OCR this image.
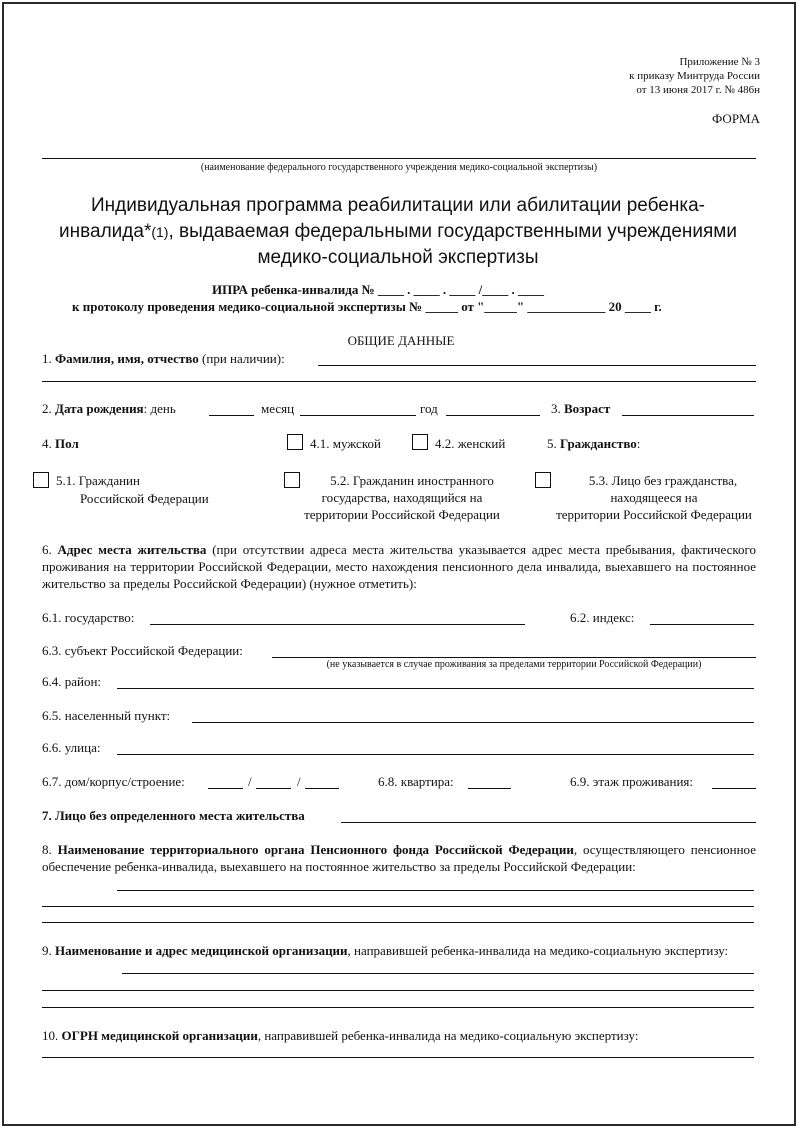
Приложение № 3
к приказу Минтруда России
от 13 июня 2017 г. № 486н
ФОРМА
(наименование федерального государственного учреждения медико-социальной экспертизы)
Индивидуальная программа реабилитации или абилитации ребенка-
инвалида*(1), выдаваемая федеральными государственными учреждениями
медико-социальной экспертизы
ИПРА ребенка-инвалида № ____ . ____ . ____ /____ . ____
к протоколу проведения медико-социальной экспертизы № _____ от "_____" ____________ 20 ____ г.
ОБЩИЕ ДАННЫЕ
1. Фамилия, имя, отчество (при наличии):
2. Дата рождения: день	месяц	год	3. Возраст
4. Пол	4.1. мужской	4.2. женский	5. Гражданство:
5.1. Гражданин
Российской Федерации
5.2. Гражданин иностранного
государства, находящийся на
территории Российской Федерации
5.3. Лицо без гражданства,
находящееся на
территории Российской Федерации
6. Адрес места жительства (при отсутствии адреса места жительства указывается адрес места пребывания, фактического проживания на территории Российской Федерации, место нахождения пенсионного дела инвалида, выехавшего на постоянное жительство за пределы Российской Федерации) (нужное отметить):
6.1. государство:	6.2. индекс:
6.3. субъект Российской Федерации:
(не указывается в случае проживания за пределами территории Российской Федерации)
6.4. район:
6.5. населенный пункт:
6.6. улица:
6.7. дом/корпус/строение:	/	/	6.8. квартира:	6.9. этаж проживания:
7. Лицо без определенного места жительства
8. Наименование территориального органа Пенсионного фонда Российской Федерации, осуществляющего пенсионное обеспечение ребенка-инвалида, выехавшего на постоянное жительство за пределы Российской Федерации:
9. Наименование и адрес медицинской организации, направившей ребенка-инвалида на медико-социальную экспертизу:
10. ОГРН медицинской организации, направившей ребенка-инвалида на медико-социальную экспертизу:
